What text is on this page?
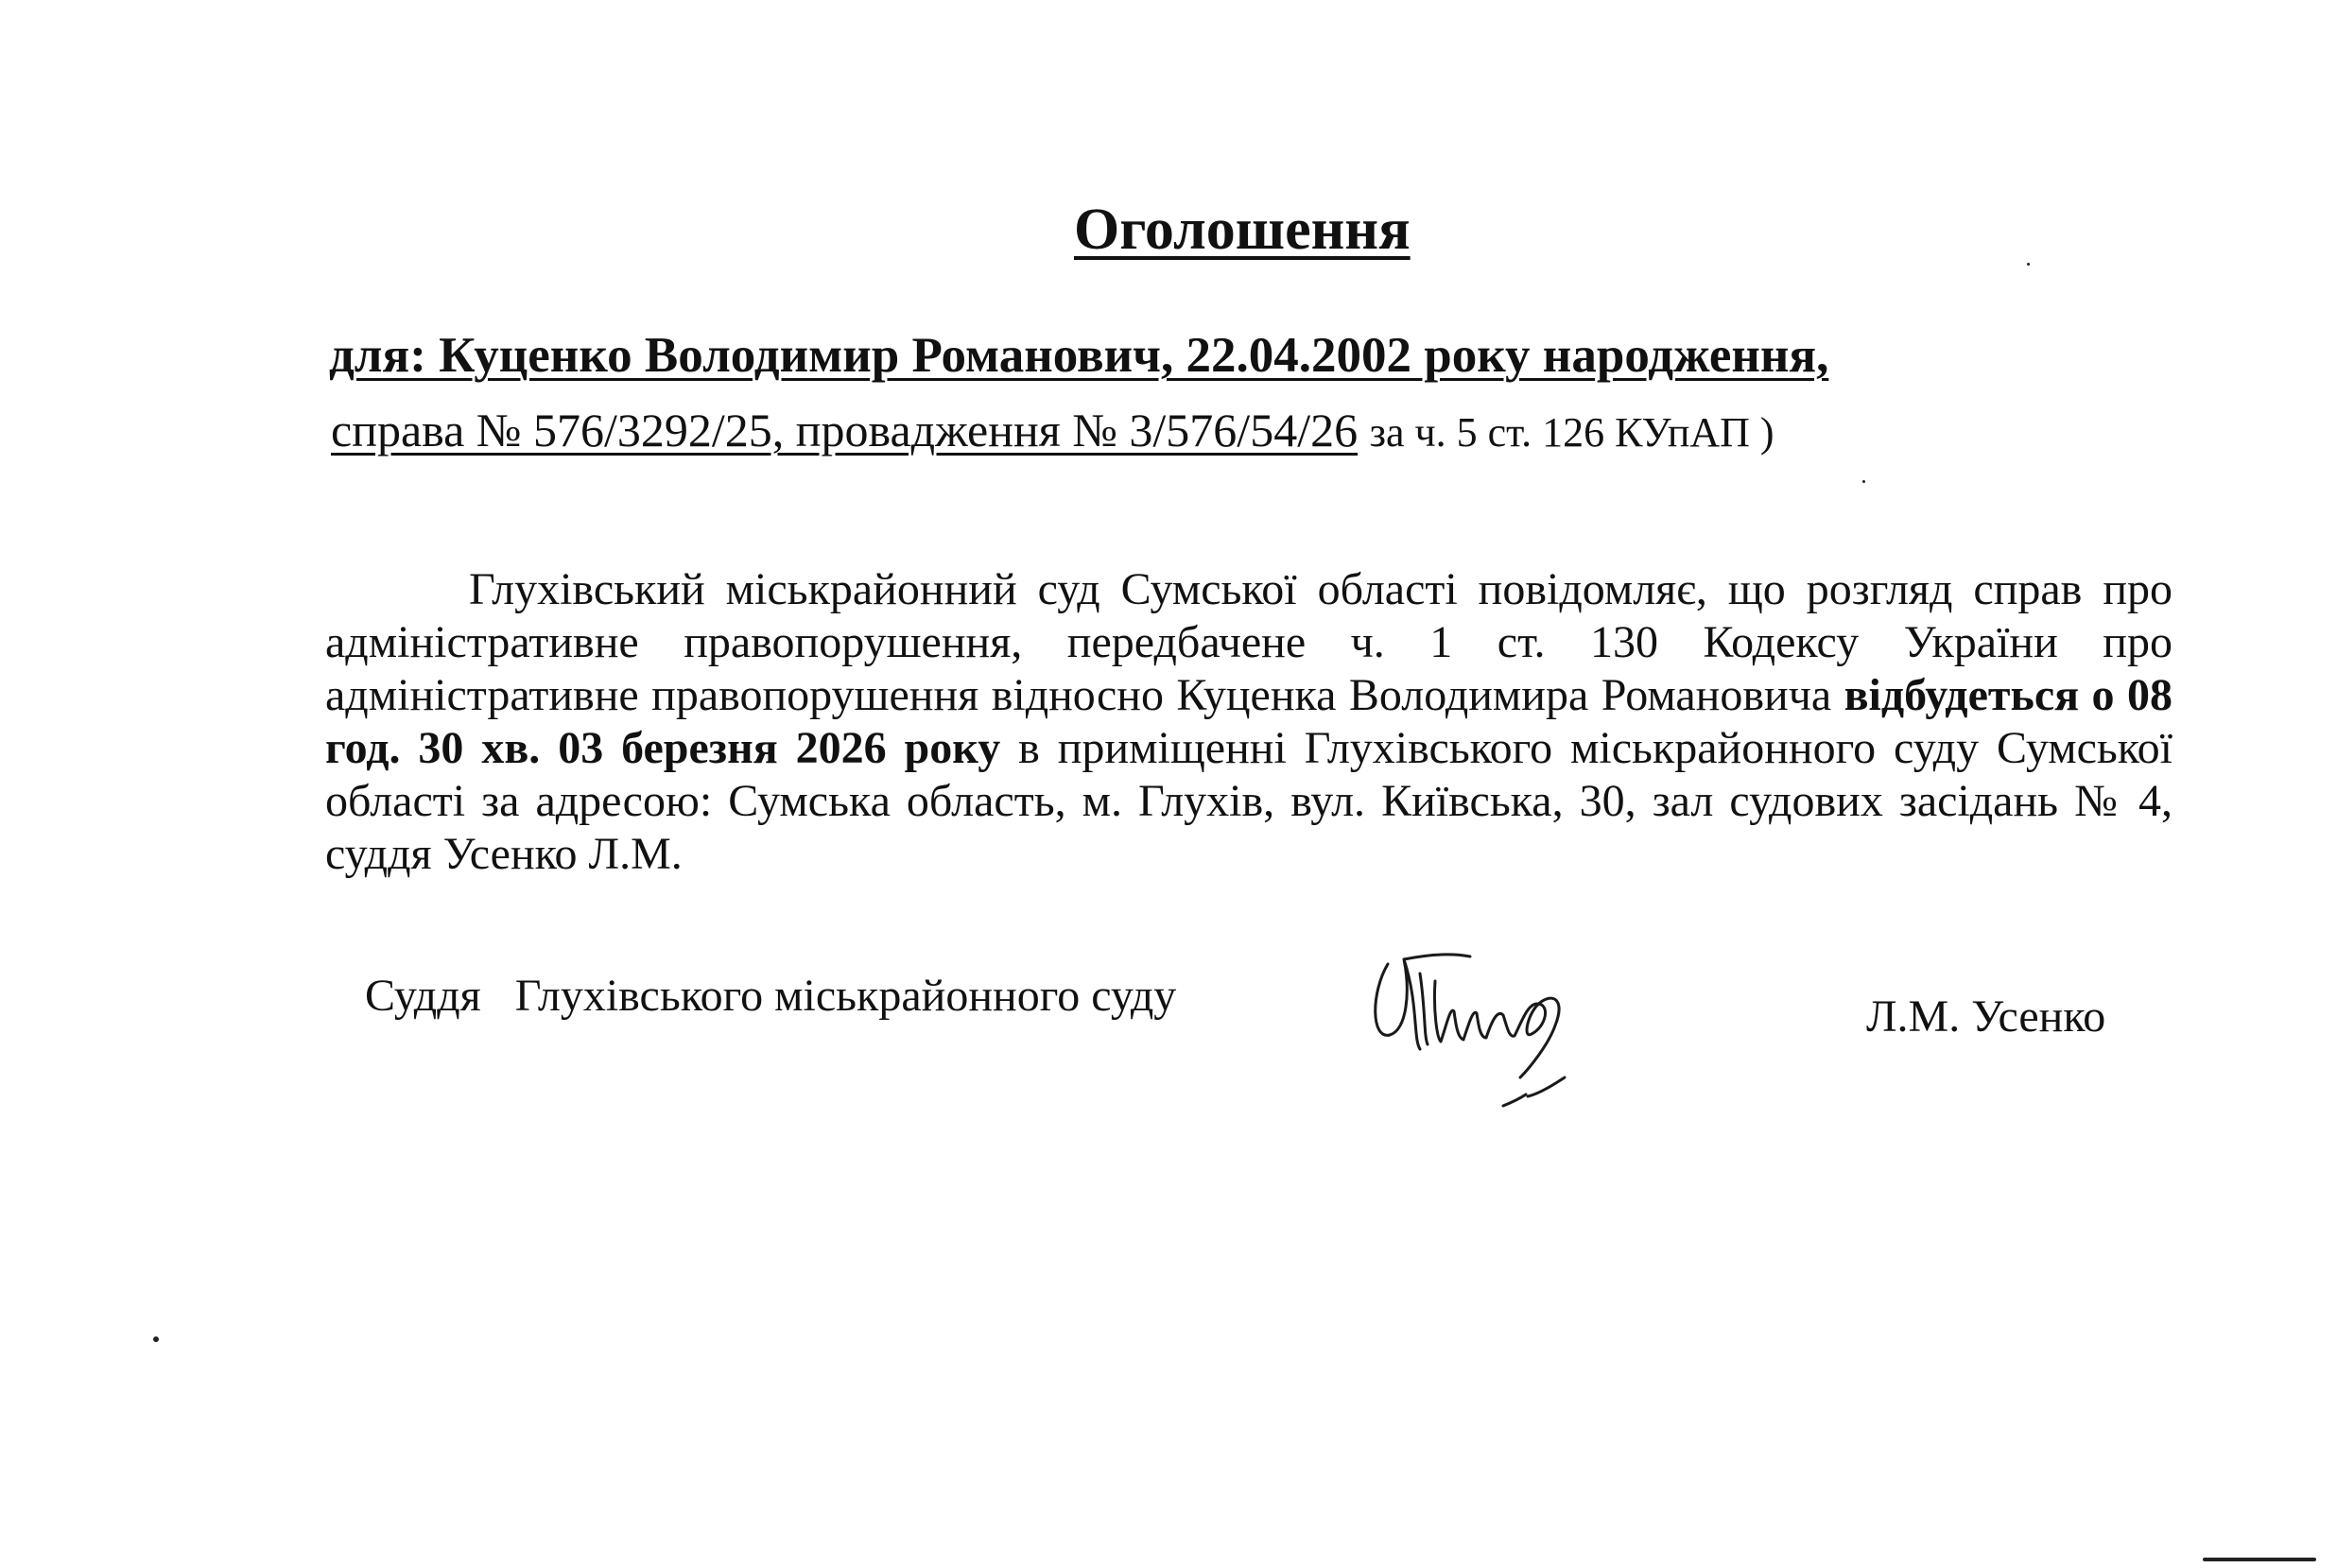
Оголошення
для: Куценко Володимир Романович, 22.04.2002 року народження,
справа № 576/3292/25, провадження № 3/576/54/26 за ч. 5 ст. 126 КУпАП )

Глухівський міськрайонний суд Сумської області повідомляє, що розгляд справ про адміністративне правопорушення, передбачене ч. 1 ст. 130 Кодексу України про адміністративне правопорушення відносно Куценка Володимира Романовича відбудеться о 08 год. 30 хв. 03 березня 2026 року в приміщенні Глухівського міськрайонного суду Сумської області за адресою: Сумська область, м. Глухів, вул. Київська, 30, зал судових засідань № 4, суддя Усенко Л.М.

Суддя   Глухівського міськрайонного суду	Л.М. Усенко
